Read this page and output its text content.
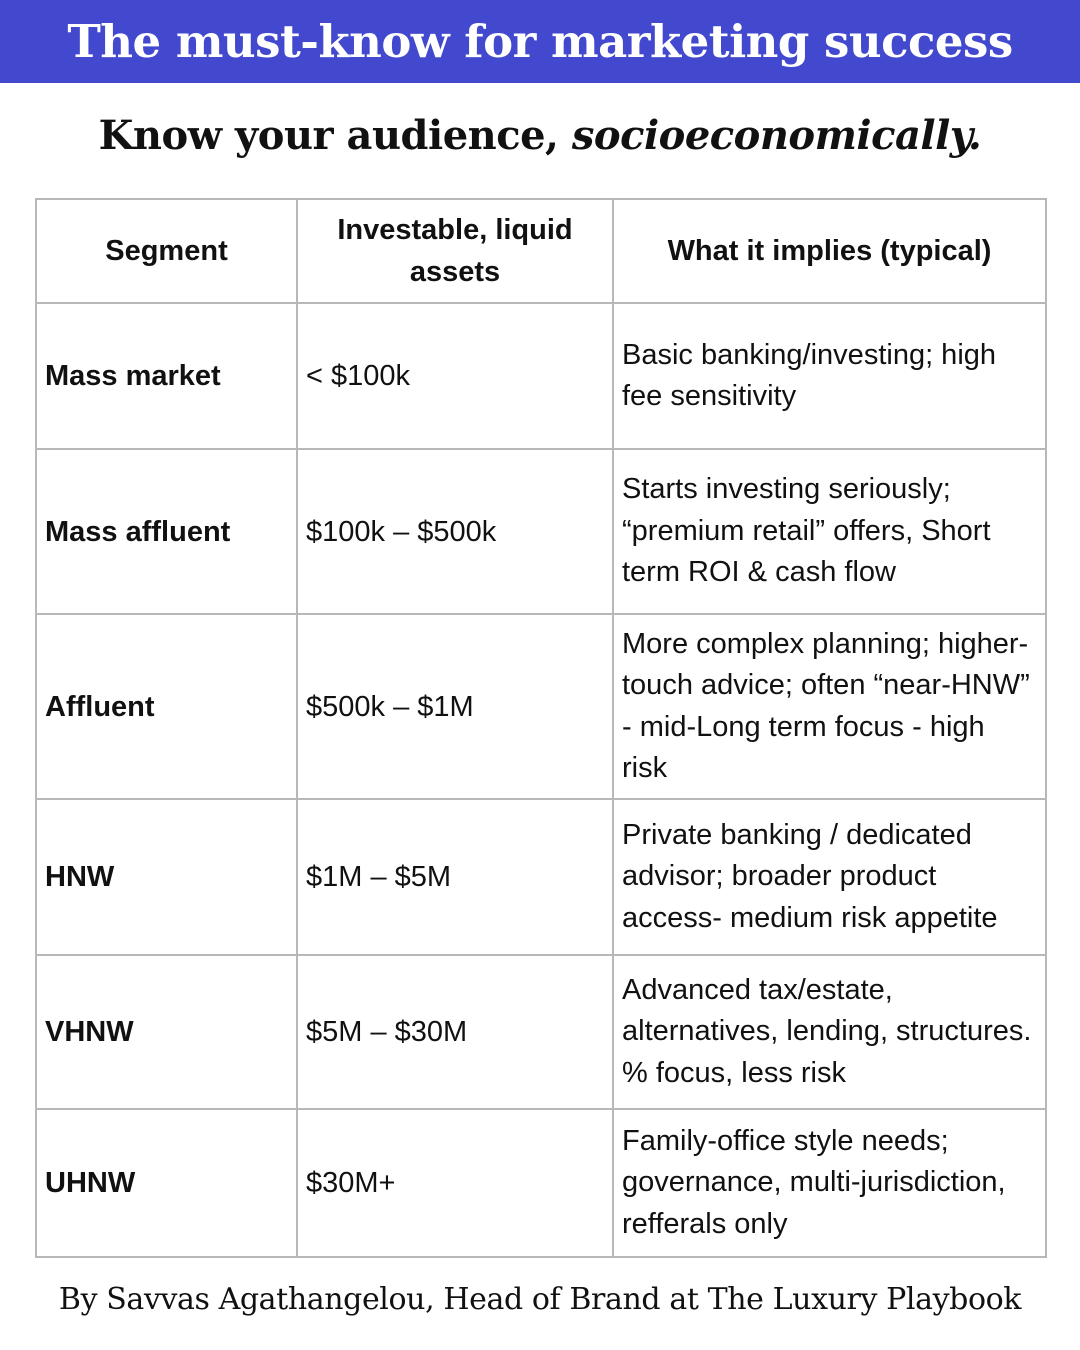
The must-know for marketing success
Know your audience, socioeconomically.
Segment	Investable, liquid assets	What it implies (typical)
Mass market	< $100k	Basic banking/investing; high fee sensitivity
Mass affluent	$100k – $500k	Starts investing seriously; “premium retail” offers, Short term ROI & cash flow
Affluent	$500k – $1M	More complex planning; higher-touch advice; often “near-HNW” - mid-Long term focus - high risk
HNW	$1M – $5M	Private banking / dedicated advisor; broader product access- medium risk appetite
VHNW	$5M – $30M	Advanced tax/estate, alternatives, lending, structures. % focus, less risk
UHNW	$30M+	Family-office style needs; governance, multi-jurisdiction, refferals only
By Savvas Agathangelou, Head of Brand at The Luxury Playbook
